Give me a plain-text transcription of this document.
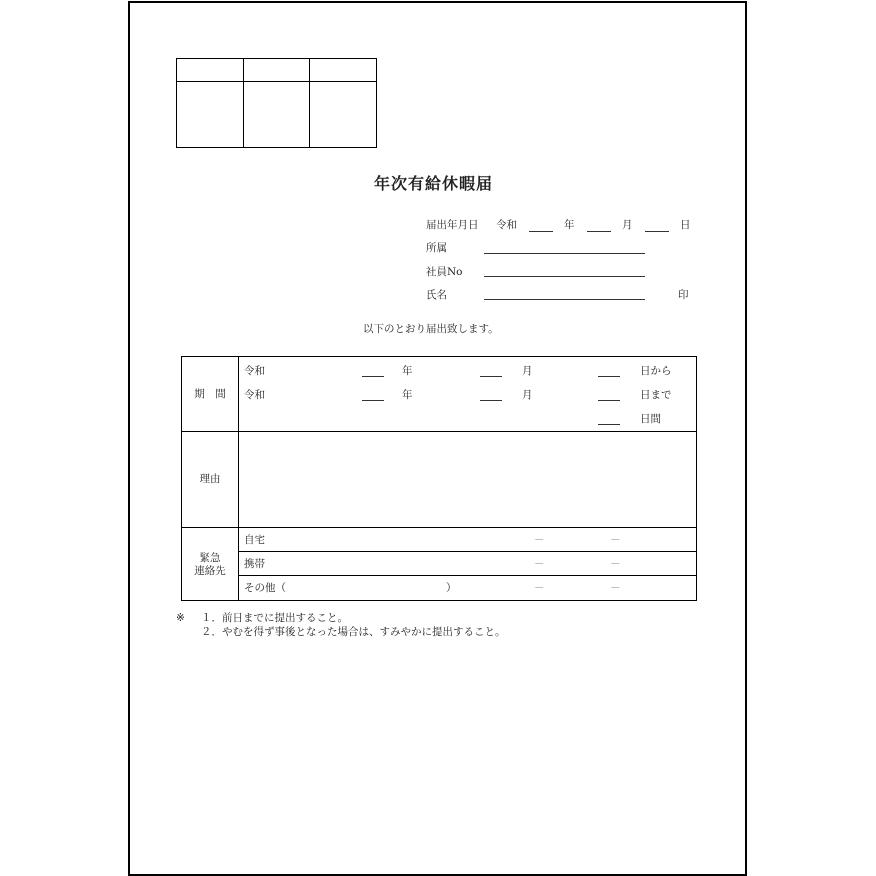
年次有給休暇届
届出年月日 令和	年	月	日
所属
社員No
氏名	印
以下のとおり届出致します。
期　間
令和	年	月	日から
令和	年	月	日まで
日間
理由
緊急
連絡先
自宅	－	－
携帯	－	－
その他（	）	－	－
※ １．前日までに提出すること。
２．やむを得ず事後となった場合は、すみやかに提出すること。
